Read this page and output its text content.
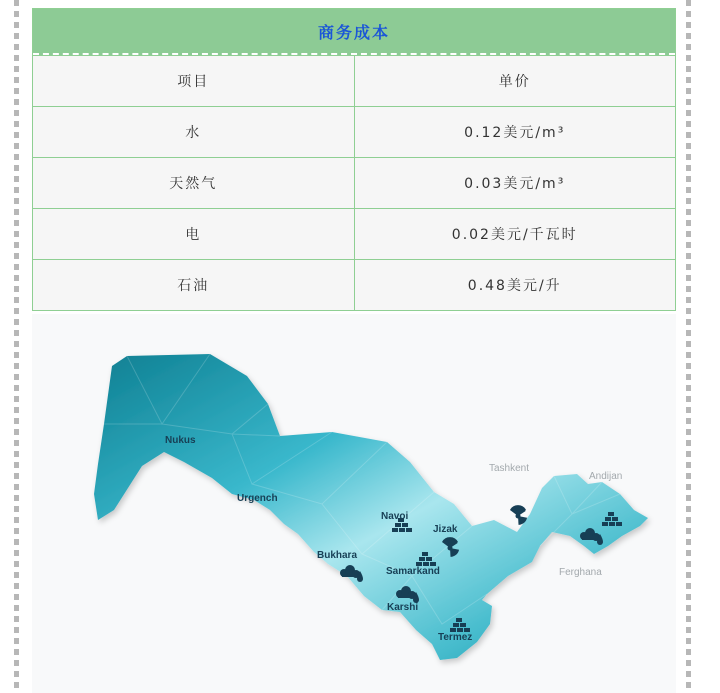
商务成本
项目	单价
水	0.12美元/m³
天然气	0.03美元/m³
电	0.02美元/千瓦时
石油	0.48美元/升
Nukus
Urgench
Navoi
Jizak
Bukhara
Samarkand
Karshi
Termez
Tashkent
Andijan
Ferghana
